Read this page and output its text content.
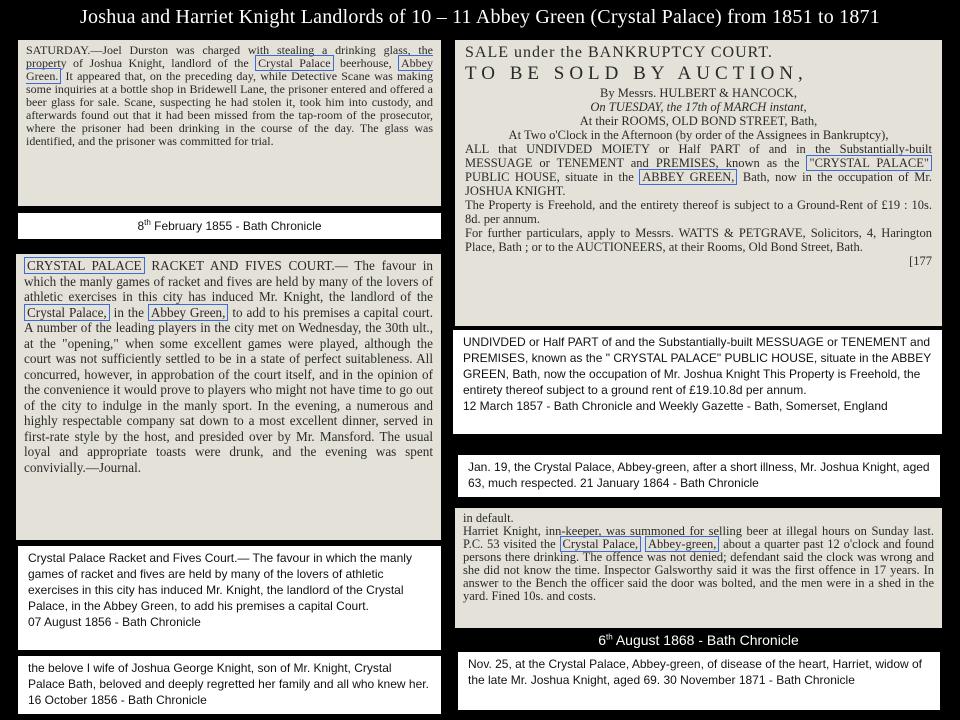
Joshua and Harriet Knight Landlords of 10 – 11 Abbey Green (Crystal Palace) from 1851 to 1871

SATURDAY.—Joel Durston was charged with stealing a drinking glass, the property of Joshua Knight, landlord of the Crystal Palace beerhouse, Abbey Green. It appeared that, on the preceding day, while Detective Scane was making some inquiries at a bottle shop in Bridewell Lane, the prisoner entered and offered a beer glass for sale. Scane, suspecting he had stolen it, took him into custody, and afterwards found out that it had been missed from the tap-room of the prosecutor, where the prisoner had been drinking in the course of the day. The glass was identified, and the prisoner was committed for trial.

8th February 1855 - Bath Chronicle

CRYSTAL PALACE RACKET AND FIVES COURT.— The favour in which the manly games of racket and fives are held by many of the lovers of athletic exercises in this city has induced Mr. Knight, the landlord of the Crystal Palace, in the Abbey Green, to add to his premises a capital court. A number of the leading players in the city met on Wednesday, the 30th ult., at the "opening," when some excellent games were played, although the court was not sufficiently settled to be in a state of perfect suitableness. All concurred, however, in approbation of the court itself, and in the opinion of the convenience it would prove to players who might not have time to go out of the city to indulge in the manly sport. In the evening, a numerous and highly respectable company sat down to a most excellent dinner, served in first-rate style by the host, and presided over by Mr. Mansford. The usual loyal and appropriate toasts were drunk, and the evening was spent convivially.—Journal.

Crystal Palace Racket and Fives Court.— The favour in which the manly games of racket and fives are held by many of the lovers of athletic exercises in this city has induced Mr. Knight, the landlord of the Crystal Palace, in the Abbey Green, to add his premises a capital Court.
07 August 1856 - Bath Chronicle
the belove I wife of Joshua George Knight, son of Mr. Knight, Crystal Palace Bath, beloved and deeply regretted her family and all who knew her. 16 October 1856 - Bath Chronicle
SALE under the BANKRUPTCY COURT.
TO BE SOLD BY AUCTION,
By Messrs. HULBERT & HANCOCK,
On TUESDAY, the 17th of MARCH instant,
At their ROOMS, OLD BOND STREET, Bath,
At Two o'Clock in the Afternoon (by order of the Assignees in Bankruptcy),

ALL that UNDIVDED MOIETY or Half PART of and in the Substantially-built MESSUAGE or TENEMENT and PREMISES, known as the "CRYSTAL PALACE" PUBLIC HOUSE, situate in the ABBEY GREEN, Bath, now in the occupation of Mr. JOSHUA KNIGHT.

The Property is Freehold, and the entirety thereof is subject to a Ground-Rent of £19 : 10s. 8d. per annum.

For further particulars, apply to Messrs. WATTS & PETGRAVE, Solicitors, 4, Harington Place, Bath ; or to the AUCTIONEERS, at their Rooms, Old Bond Street, Bath.

[177
UNDIVDED or Half PART of and the Substantially-built MESSUAGE or TENEMENT and PREMISES, known as the " CRYSTAL PALACE" PUBLIC HOUSE, situate in the ABBEY GREEN, Bath, now the occupation of Mr. Joshua Knight This Property is Freehold, the entirety thereof subject to a ground rent of £19.10.8d per annum.
12 March 1857 - Bath Chronicle and Weekly Gazette - Bath, Somerset, England
Jan. 19, the Crystal Palace, Abbey-green, after a short illness, Mr. Joshua Knight, aged 63, much respected. 21 January 1864 - Bath Chronicle
in default.

Harriet Knight, inn-keeper, was summoned for selling beer at illegal hours on Sunday last. P.C. 53 visited the Crystal Palace, Abbey-green, about a quarter past 12 o'clock and found persons there drinking. The offence was not denied; defendant said the clock was wrong and she did not know the time. Inspector Galsworthy said it was the first offence in 17 years. In answer to the Bench the officer said the door was bolted, and the men were in a shed in the yard. Fined 10s. and costs.

6th August 1868 - Bath Chronicle
Nov. 25, at the Crystal Palace, Abbey-green, of disease of the heart, Harriet, widow of the late Mr. Joshua Knight, aged 69. 30 November 1871 - Bath Chronicle
